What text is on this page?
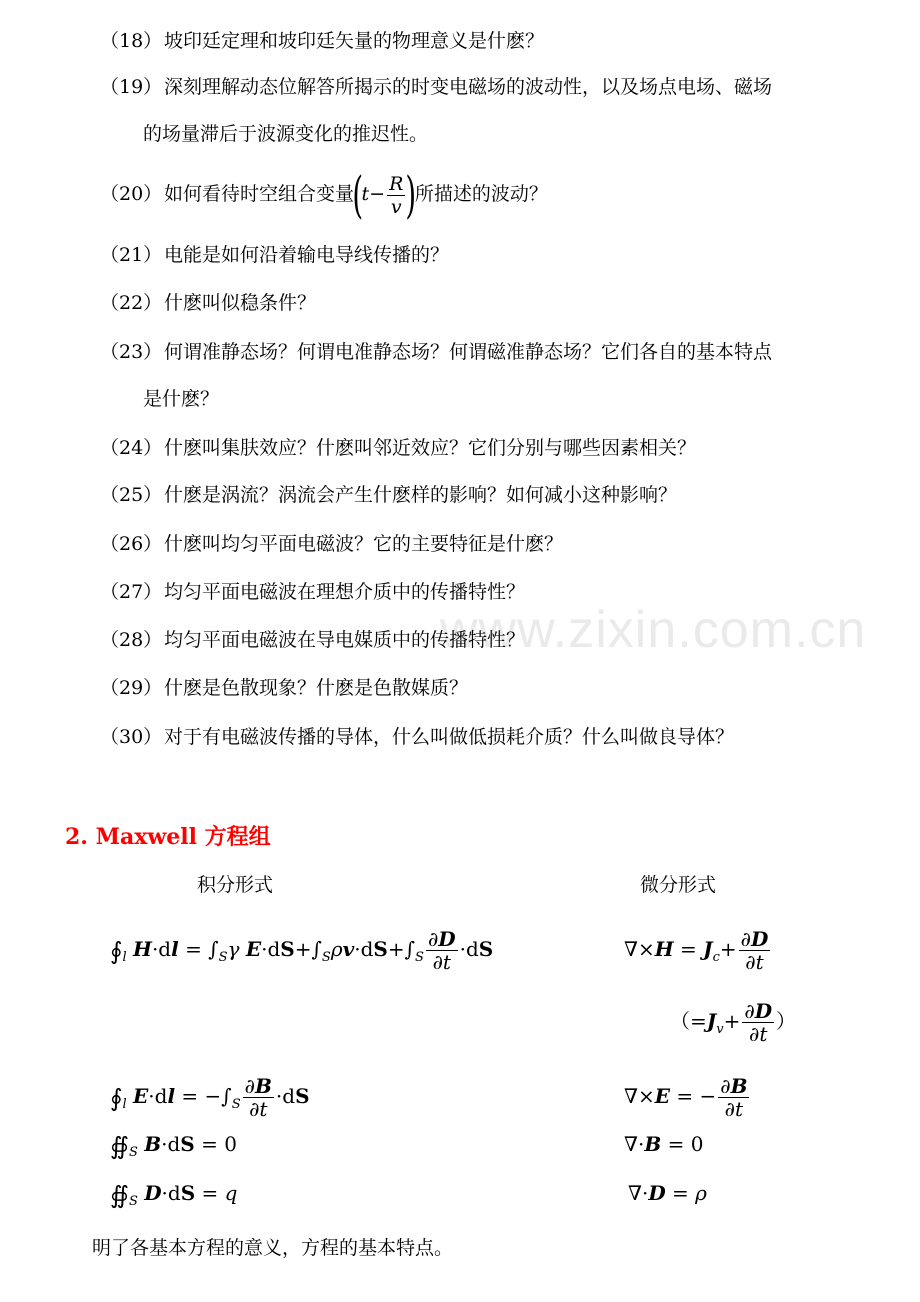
（18） 坡印廷定理和坡印廷矢量的物理意义是什麽？
（19） 深刻理解动态位解答所揭示的时变电磁场的波动性，以及场点电场、磁场
的场量滞后于波源变化的推迟性。
（20） 如何看待时空组合变量($t- \frac{R}{v}$ )所描述的波动？
（21） 电能是如何沿着输电导线传播的？
（22） 什麽叫似稳条件？
（23） 何谓准静态场？何谓电准静态场？何谓磁准静态场？它们各自的基本特点
是什麽？
（24） 什麽叫集肤效应？什麽叫邻近效应？它们分别与哪些因素相关？
（25） 什麽是涡流？涡流会产生什麽样的影响？如何减小这种影响？
（26） 什麽叫均匀平面电磁波？它的主要特征是什麽？
（27） 均匀平面电磁波在理想介质中的传播特性？
www.zixin.com.cn
（28） 均匀平面电磁波在导电媒质中的传播特性？
（29） 什麽是色散现象？什麽是色散媒质？
（30） 对于有电磁波传播的导体，什么叫做低损耗介质？什么叫做良导体？
2. Maxwell 方程组
积分形式	微分形式
$∮_l$ $H\cdot dl = \int_S\gamma$ $E\cdot dS+\int_S\rho v\cdot dS+\int_S \frac{\partial D}{\partial t} \cdot dS$	$\nabla\times H = J_c+ \frac{\partial D}{\partial t}$
（$=J_v+ \frac{\partial D}{\partial t}$ ）
$∮_l$ $E\cdot dl = -\int_S \frac{\partial B}{\partial t} \cdot dS$	∇×E = − $\frac{\partial B}{\partial t}$
$∯_S$ B·dS = 0	∇·B = 0
$∯_S$ D·dS = q	∇·D = ρ
明了各基本方程的意义，方程的基本特点。
